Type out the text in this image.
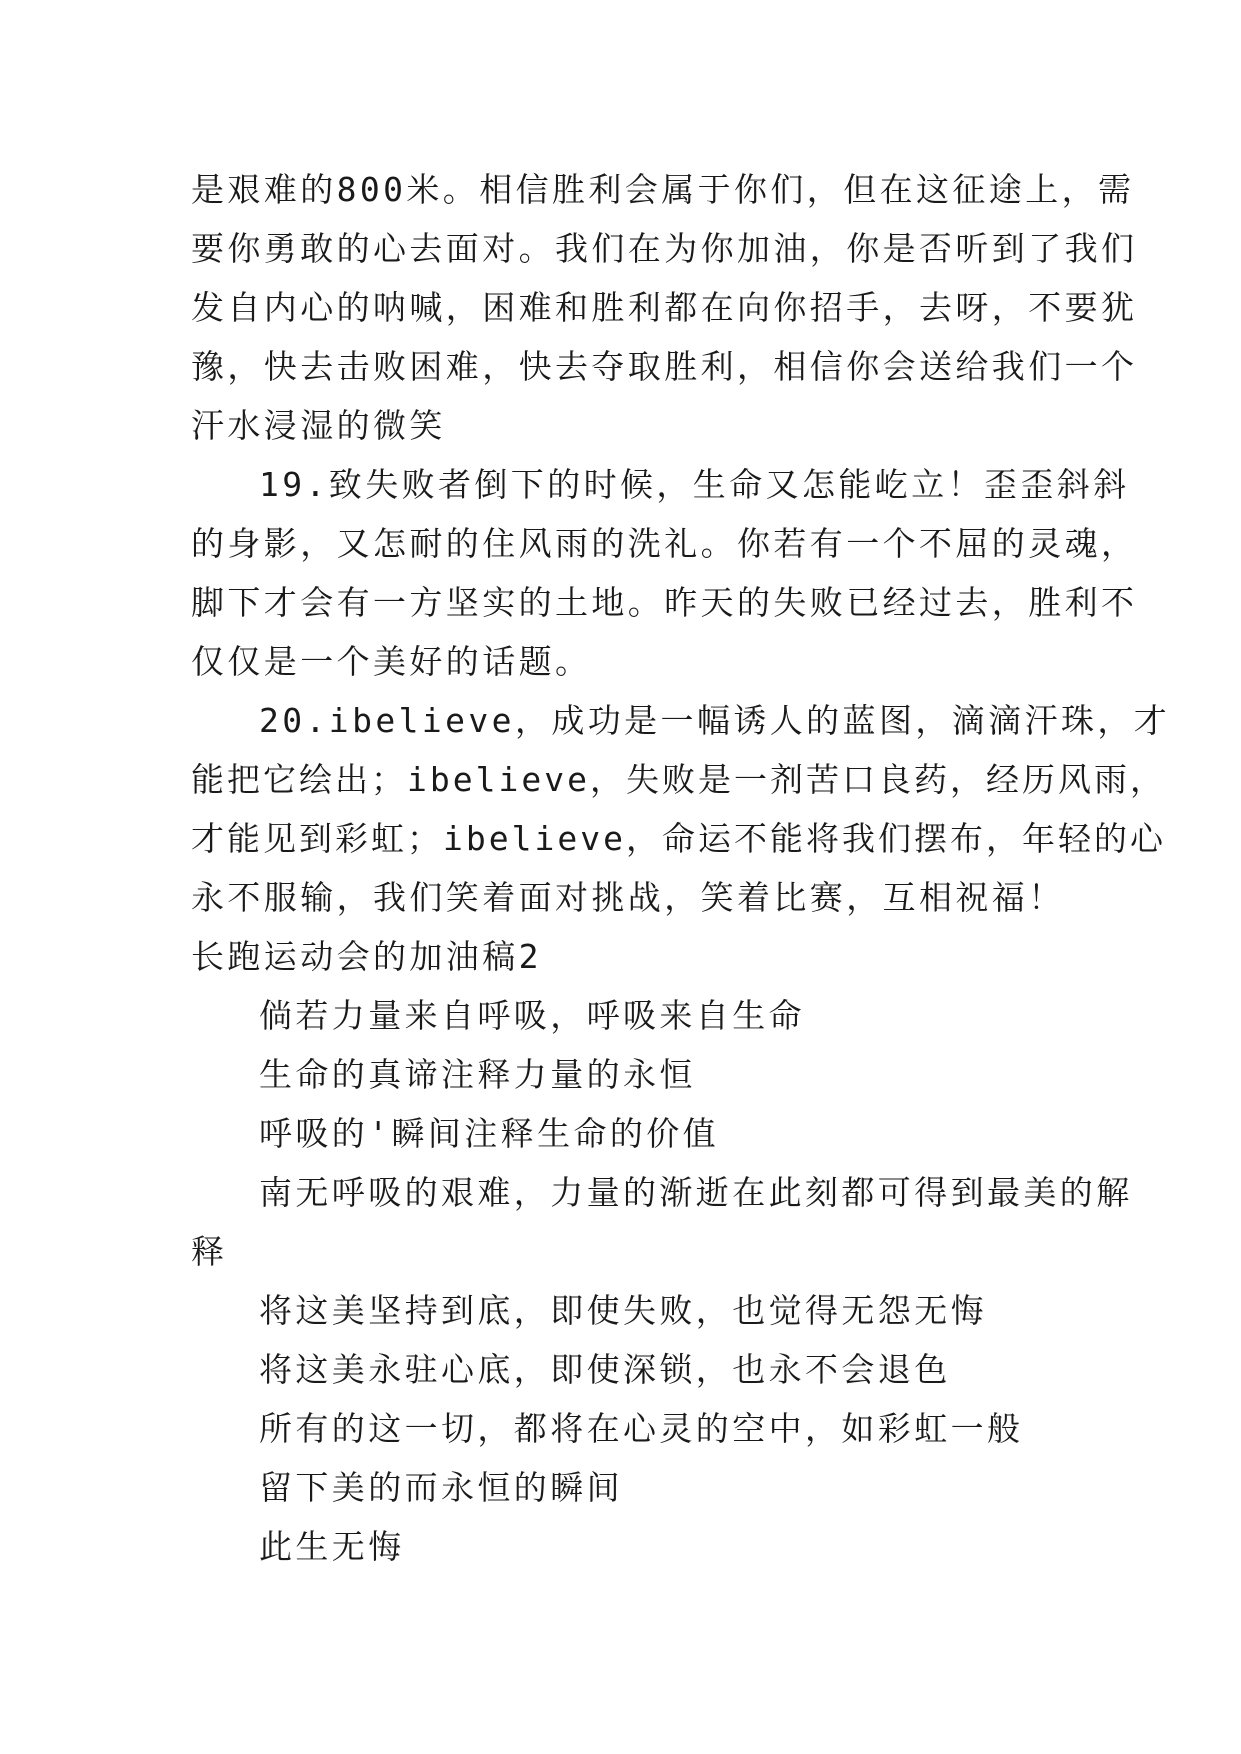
是艰难的800米。相信胜利会属于你们，但在这征途上，需
要你勇敢的心去面对。我们在为你加油，你是否听到了我们
发自内心的呐喊，困难和胜利都在向你招手，去呀，不要犹
豫，快去击败困难，快去夺取胜利，相信你会送给我们一个
汗水浸湿的微笑
19.致失败者倒下的时候，生命又怎能屹立！歪歪斜斜
的身影，又怎耐的住风雨的洗礼。你若有一个不屈的灵魂，
脚下才会有一方坚实的土地。昨天的失败已经过去，胜利不
仅仅是一个美好的话题。
20.ibelieve，成功是一幅诱人的蓝图，滴滴汗珠，才
能把它绘出；ibelieve，失败是一剂苦口良药，经历风雨，
才能见到彩虹；ibelieve，命运不能将我们摆布，年轻的心
永不服输，我们笑着面对挑战，笑着比赛，互相祝福！
长跑运动会的加油稿2
倘若力量来自呼吸，呼吸来自生命
生命的真谛注释力量的永恒
呼吸的'瞬间注释生命的价值
南无呼吸的艰难，力量的渐逝在此刻都可得到最美的解
释
将这美坚持到底，即使失败，也觉得无怨无悔
将这美永驻心底，即使深锁，也永不会退色
所有的这一切，都将在心灵的空中，如彩虹一般
留下美的而永恒的瞬间
此生无悔
